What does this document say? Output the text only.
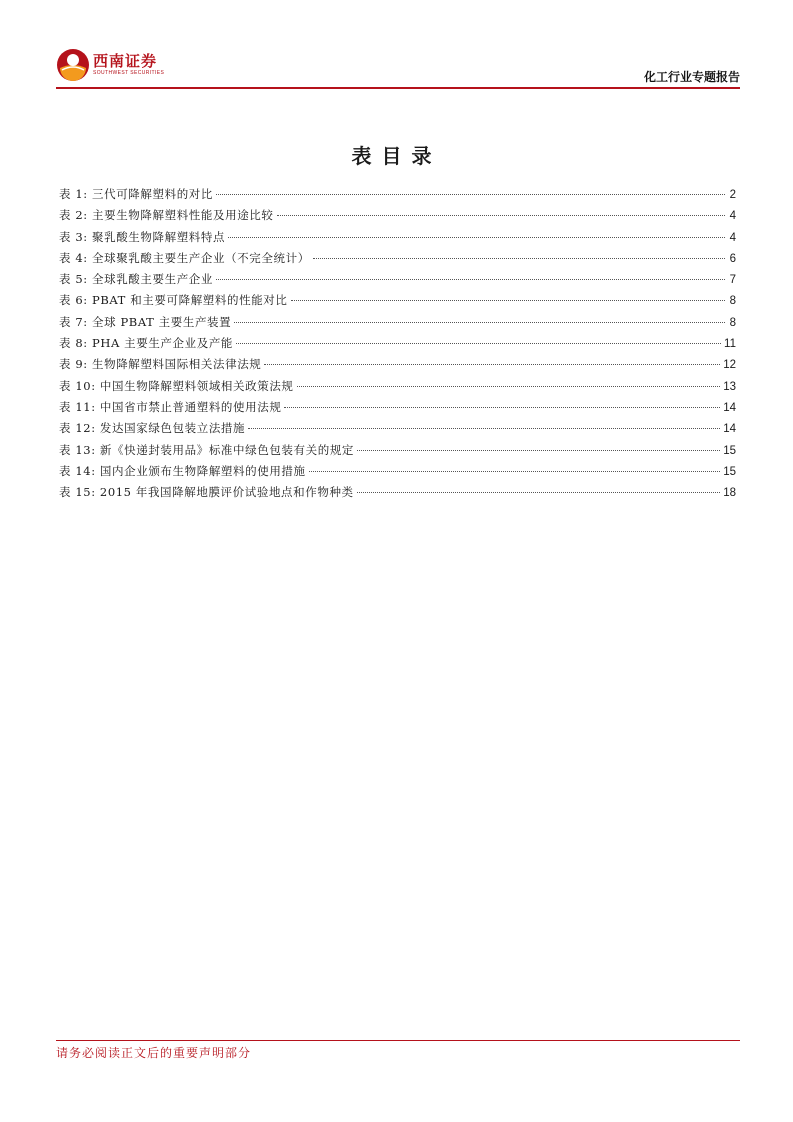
西南证券
SOUTHWEST SECURITIES	化工行业专题报告
表目录
表 1: 三代可降解塑料的对比	2
表 2: 主要生物降解塑料性能及用途比较	4
表 3: 聚乳酸生物降解塑料特点	4
表 4: 全球聚乳酸主要生产企业（不完全统计）	6
表 5: 全球乳酸主要生产企业	7
表 6: PBAT 和主要可降解塑料的性能对比	8
表 7: 全球 PBAT 主要生产装置	8
表 8: PHA 主要生产企业及产能	11
表 9: 生物降解塑料国际相关法律法规	12
表 10: 中国生物降解塑料领域相关政策法规	13
表 11: 中国省市禁止普通塑料的使用法规	14
表 12: 发达国家绿色包装立法措施	14
表 13: 新《快递封装用品》标准中绿色包装有关的规定	15
表 14: 国内企业颁布生物降解塑料的使用措施	15
表 15: 2015 年我国降解地膜评价试验地点和作物种类	18
请务必阅读正文后的重要声明部分
